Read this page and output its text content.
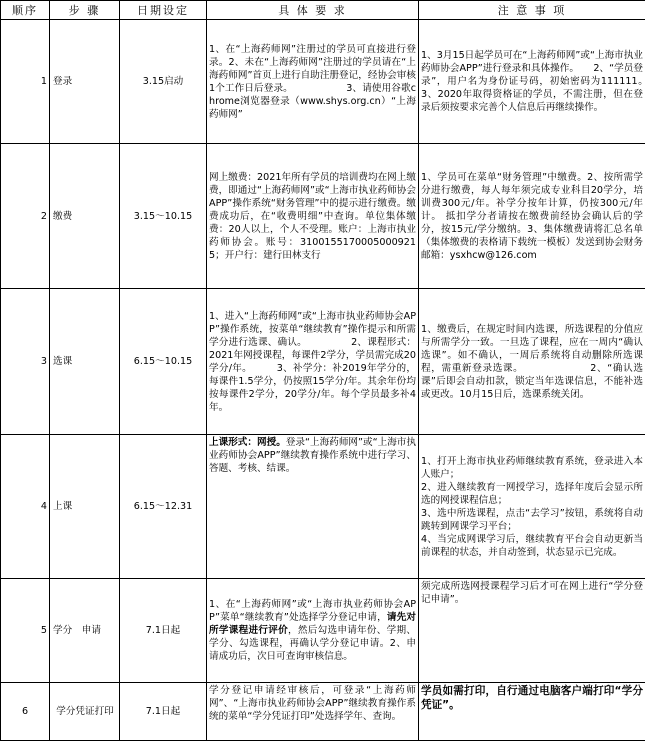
顺序	步 骤	日期设定	具 体 要 求	注 意 事 项
1	登录	3.15启动	1、在“上海药师网”注册过的学员可直接进行登录。2、未在“上海药师网”注册过的学员请在“上海药师网”首页上进行自助注册登记，经协会审核1个工作日后登录。　　　　　　3、请使用谷歌chrome浏览器登录（www.shys.org.cn）“上海药师网”	1、3月15日起学员可在“上海药师网”或“上海市执业药师协会APP”进行登录和具体操作。　　2、“学员登录”，用户名为身份证号码，初始密码为111111。　　　　　3、2020年取得资格证的学员，不需注册，但在登录后须按要求完善个人信息后再继续操作。
2	缴费	3.15～10.15	网上缴费：2021年所有学员的培训费均在网上缴费，即通过“上海药师网”或“上海市执业药师协会APP”操作系统“财务管理”中的提示进行缴费。缴费成功后，在“收费明细”中查询。单位集体缴费：20人以上，个人不受理。账户：上海市执业药师协会。账号：31001551700050009215；开户行：建行田林支行	1、学员可在菜单“财务管理”中缴费。2、按所需学分进行缴费，每人每年须完成专业科目20学分，培训费300元/年。补学分按年计算，仍按300元/年计。 抵扣学分者请按在缴费前经协会确认后的学分，按15元/学分缴纳。3、集体缴费请将汇总名单（集体缴费的表格请下载统一模板）发送到协会财务邮箱：ysxhcw@126.com
3	选课	6.15～10.15	1、进入“上海药师网”或“上海市执业药师协会APP”操作系统，按菜单“继续教育”操作提示和所需学分进行选课、确认。　　　　　2、课程形式：2021年网授课程，每课件2学分，学员需完成20学分/年。　　　3、补学分：补2019年学分的，每课件1.5学分，仍按照15学分/年。其余年份均按每课件2学分，20学分/年。每个学员最多补4年。	1、缴费后，在规定时间内选课，所选课程的分值应与所需学分一致。一旦选了课程，应在一周内“确认选课”。如不确认，一周后系统将自动删除所选课程，需重新登录选课。　　　　　　　2、“确认选课”后即会自动扣款，锁定当年选课信息，不能补选或更改。10月15日后，选课系统关闭。
4	上课	6.15～12.31	上课形式：网授。登录“上海药师网”或“上海市执业药师协会APP”继续教育操作系统中进行学习、答题、考核、结课。	1、打开上海市执业药师继续教育系统，登录进入本人账户；
2、进入继续教育一网授学习，选择年度后会显示所选的网授课程信息；
3、选中所选课程，点击“去学习”按钮，系统将自动跳转到网课学习平台；
4、当完成网课学习后，继续教育平台会自动更新当前课程的状态，并自动签到，状态显示已完成。
5	学分　申请	7.1日起	1、在“上海药师网”或“上海市执业药师协会APP”菜单“继续教育”处选择学分登记申请，请先对所学课程进行评价，然后勾选申请年份、学期、学分、勾选课程，再确认学分登记申请。2、申请成功后，次日可查询审核信息。	须完成所选网授课程学习后才可在网上进行“学分登记申请”。
6	学分凭证打印	7.1日起	学分登记申请经审核后，可登录“上海药师网”、“上海市执业药师协会APP”继续教育操作系统的菜单“学分凭证打印”处选择学年、查询。	学员如需打印，自行通过电脑客户端打印“学分凭证”。
